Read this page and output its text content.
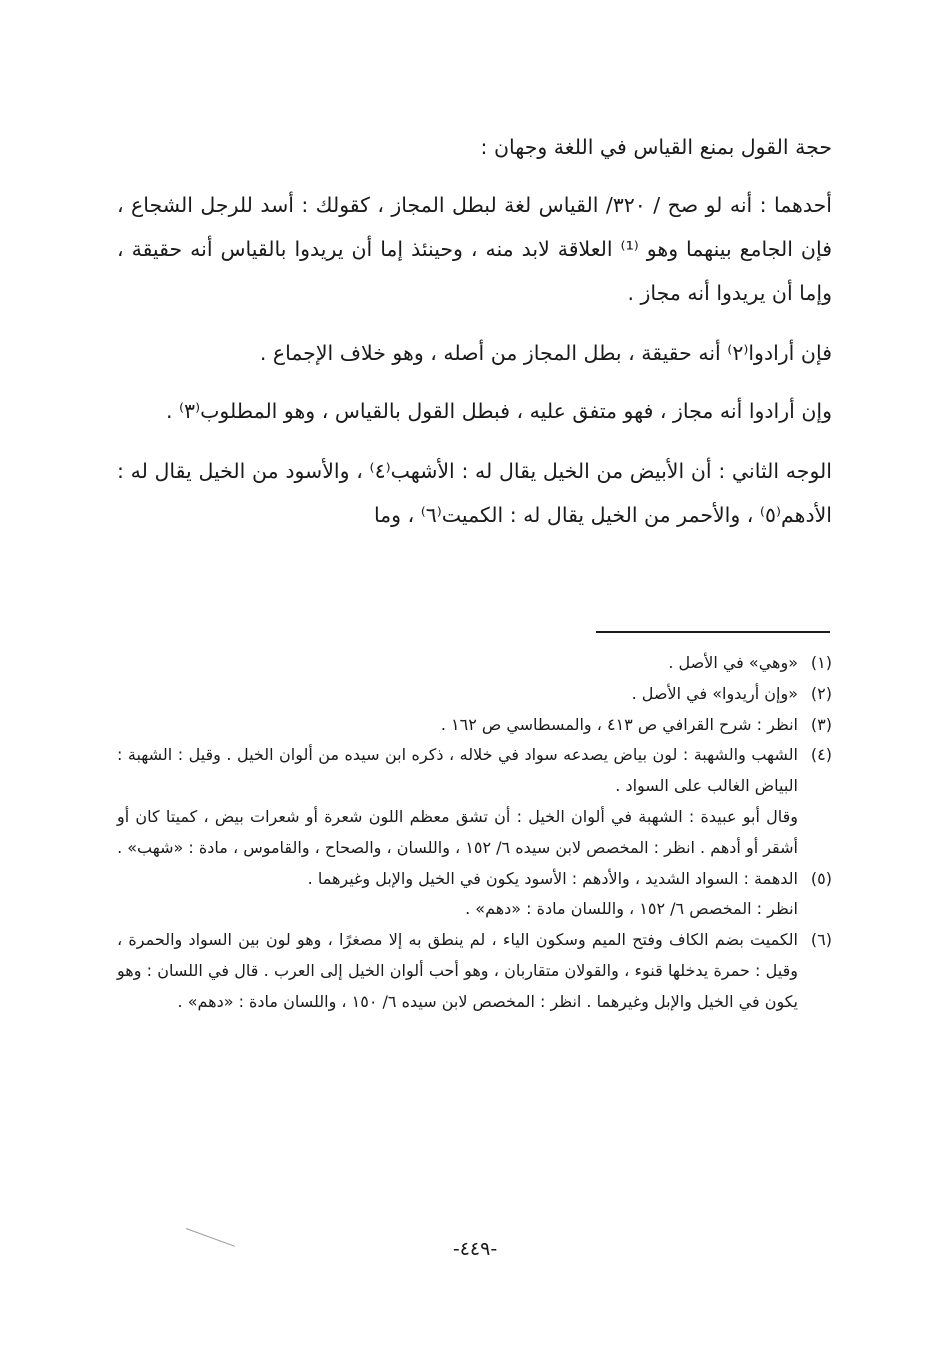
حجة القول بمنع القياس في اللغة وجهان :

أحدهما : أنه لو صح / ٣٢٠/ القياس لغة لبطل المجاز ، كقولك : أسد للرجل الشجاع ، فإن الجامع بينهما وهو ⁽¹⁾ العلاقة لابد منه ، وحينئذ إما أن يريدوا بالقياس أنه حقيقة ، وإما أن يريدوا أنه مجاز .

فإن أرادوا⁽٢⁾ أنه حقيقة ، بطل المجاز من أصله ، وهو خلاف الإجماع .

وإن أرادوا أنه مجاز ، فهو متفق عليه ، فبطل القول بالقياس ، وهو المطلوب⁽٣⁾ .

الوجه الثاني : أن الأبيض من الخيل يقال له : الأشهب⁽٤⁾ ، والأسود من الخيل يقال له : الأدهم⁽٥⁾ ، والأحمر من الخيل يقال له : الكميت⁽٦⁾ ، وما

(١)
«وهي» في الأصل .
(٢)
«وإن أريدوا» في الأصل .
(٣)
انظر : شرح القرافي ص ٤١٣ ، والمسطاسي ص ١٦٢ .
(٤)
الشهب والشهبة : لون بياض يصدعه سواد في خلاله ، ذكره ابن سيده من ألوان الخيل . وقيل : الشهبة : البياض الغالب على السواد .
وقال أبو عبيدة : الشهبة في ألوان الخيل : أن تشق معظم اللون شعرة أو شعرات بيض ، كميتا كان أو أشقر أو أدهم . انظر : المخصص لابن سيده ٦/ ١٥٢ ، واللسان ، والصحاح ، والقاموس ، مادة : «شهب» .
(٥)
الدهمة : السواد الشديد ، والأدهم : الأسود يكون في الخيل والإبل وغيرهما .
انظر : المخصص ٦/ ١٥٢ ، واللسان مادة : «دهم» .
(٦)
الكميت بضم الكاف وفتح الميم وسكون الياء ، لم ينطق به إلا مصغرًا ، وهو لون بين السواد والحمرة ، وقيل : حمرة يدخلها قنوء ، والقولان متقاربان ، وهو أحب ألوان الخيل إلى العرب . قال في اللسان : وهو يكون في الخيل والإبل وغيرهما . انظر : المخصص لابن سيده ٦/ ١٥٠ ، واللسان مادة : «دهم» .
-٤٤٩-
